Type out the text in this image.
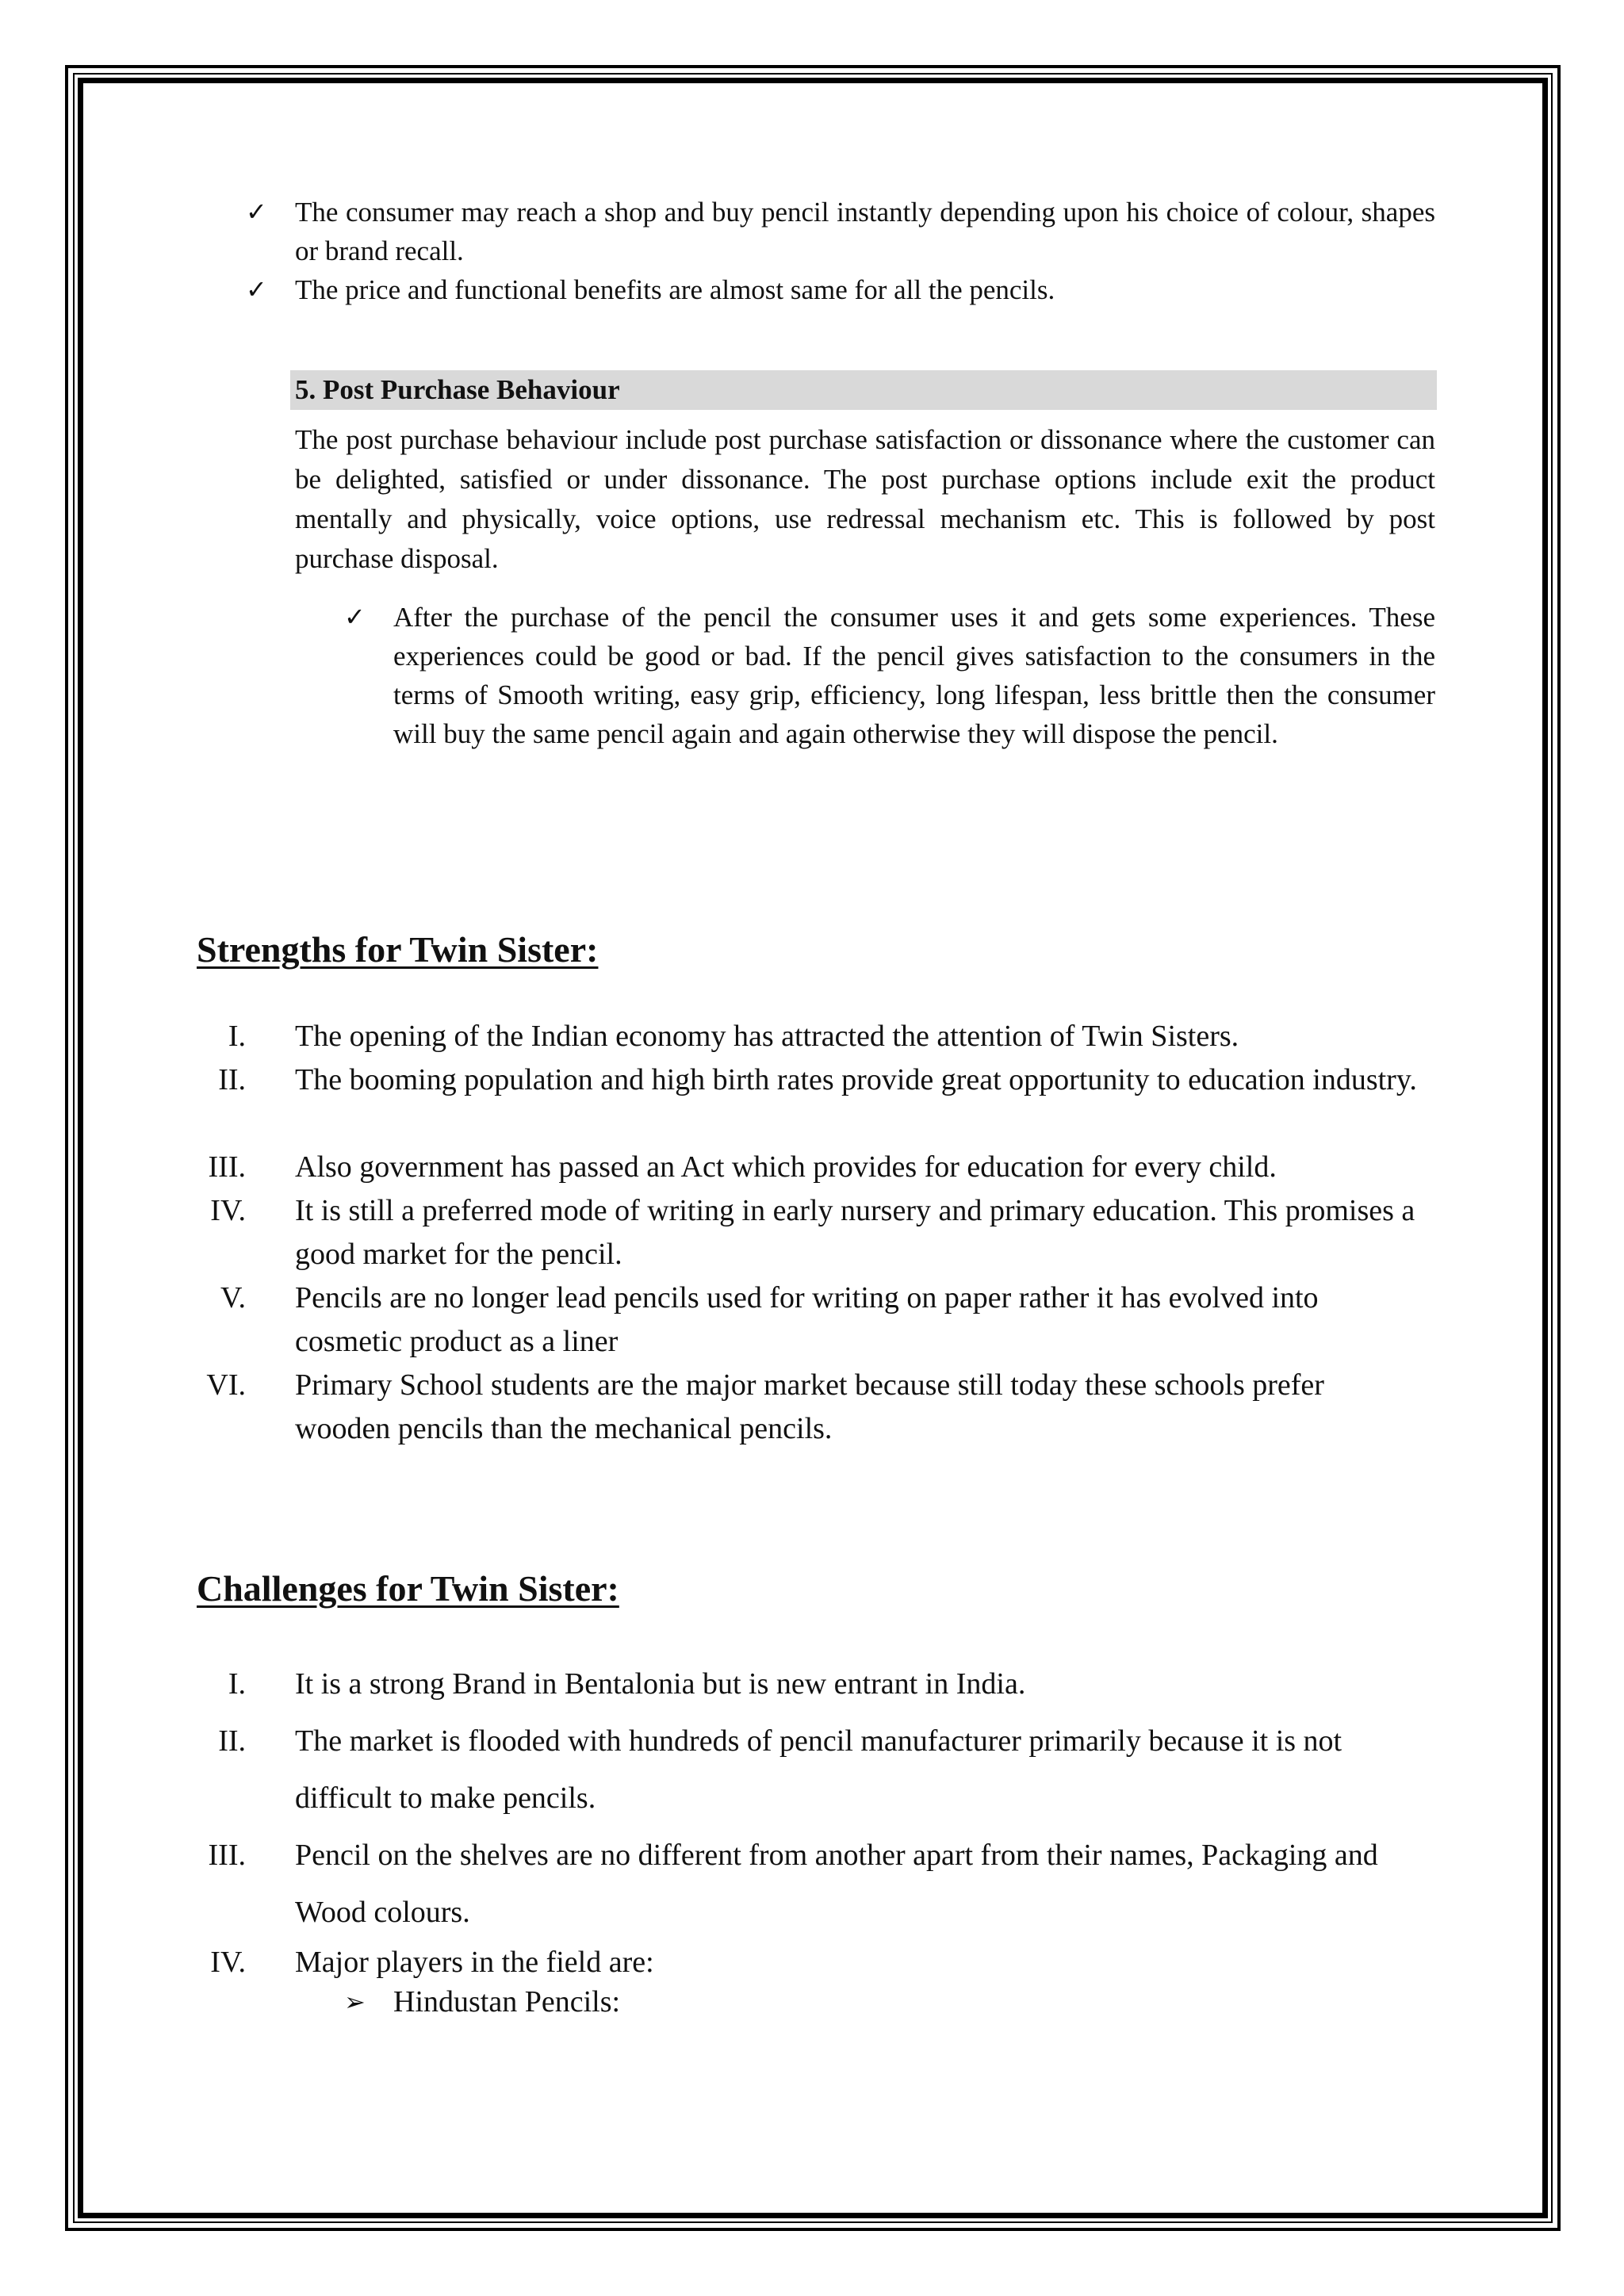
✓ The consumer may reach a shop and buy pencil instantly depending upon his choice of colour, shapes or brand recall.
✓ The price and functional benefits are almost same for all the pencils.
5. Post Purchase Behaviour

The post purchase behaviour include post purchase satisfaction or dissonance where the customer can be delighted, satisfied or under dissonance. The post purchase options include exit the product mentally and physically, voice options, use redressal mechanism etc. This is followed by post purchase disposal.

✓ After the purchase of the pencil the consumer uses it and gets some experiences. These experiences could be good or bad. If the pencil gives satisfaction to the consumers in the terms of Smooth writing, easy grip, efficiency, long lifespan, less brittle then the consumer will buy the same pencil again and again otherwise they will dispose the pencil.
Strengths for Twin Sister:
I. The opening of the Indian economy has attracted the attention of Twin Sisters.
II. The booming population and high birth rates provide great opportunity to education industry.
III. Also government has passed an Act which provides for education for every child.
IV. It is still a preferred mode of writing in early nursery and primary education. This promises a good market for the pencil.
V. Pencils are no longer lead pencils used for writing on paper rather it has evolved into cosmetic product as a liner
VI. Primary School students are the major market because still today these schools prefer wooden pencils than the mechanical pencils.
Challenges for Twin Sister:
I. It is a strong Brand in Bentalonia but is new entrant in India.
II. The market is flooded with hundreds of pencil manufacturer primarily because it is not difficult to make pencils.
III. Pencil on the shelves are no different from another apart from their names, Packaging and Wood colours.
IV. Major players in the field are:
➢ Hindustan Pencils:
